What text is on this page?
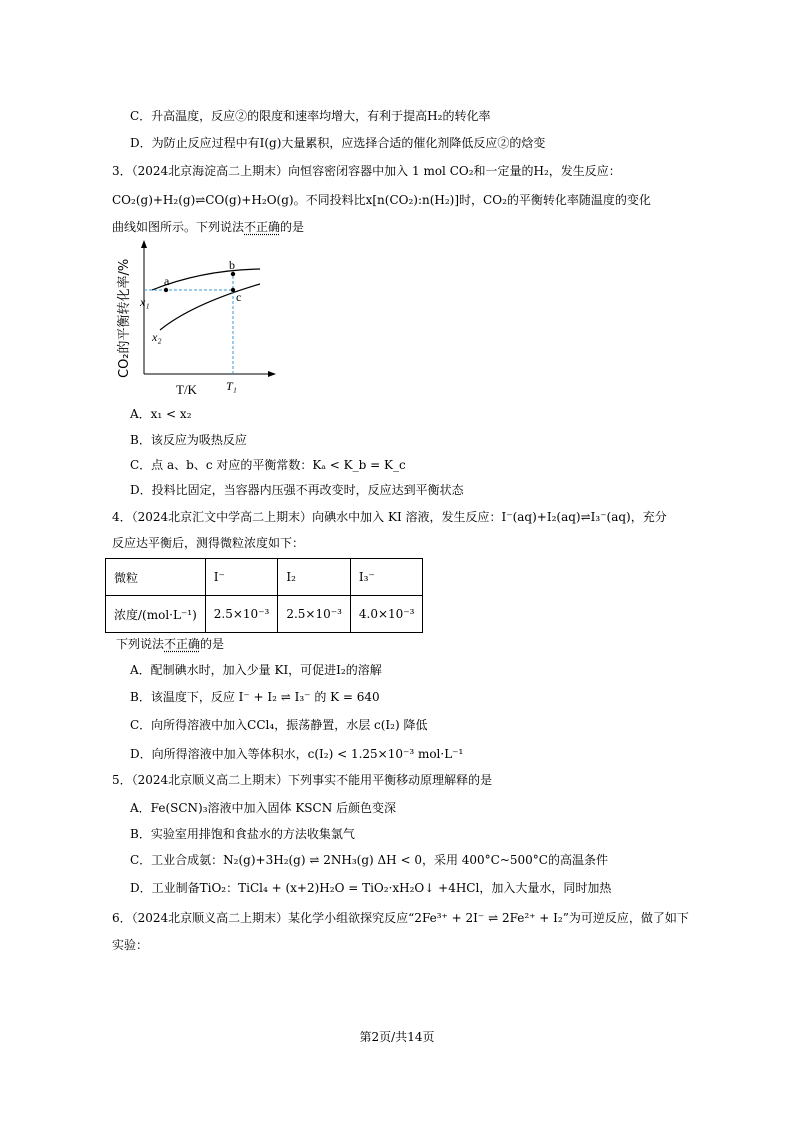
C．升高温度，反应②的限度和速率均增大，有利于提高H₂的转化率
D．为防止反应过程中有I(g)大量累积，应选择合适的催化剂降低反应②的焓变
3．（2024北京海淀高二上期末）向恒容密闭容器中加入 1 mol CO₂和一定量的H₂，发生反应：
CO₂(g)+H₂(g)⇌CO(g)+H₂O(g)。不同投料比x[n(CO₂):n(H₂)]时，CO₂的平衡转化率随温度的变化
曲线如图所示。下列说法不正确的是
a
b
c
x₁
x₂
T/K T₁
CO₂的平衡转化率/%
A．x₁ < x₂
B．该反应为吸热反应
C．点 a、b、c 对应的平衡常数：Kₐ < K_b = K_c
D．投料比固定，当容器内压强不再改变时，反应达到平衡状态
4．（2024北京汇文中学高二上期末）向碘水中加入 KI 溶液，发生反应：I⁻(aq)+I₂(aq)⇌I₃⁻(aq)，充分
反应达平衡后，测得微粒浓度如下：
微粒	I⁻	I₂	I₃⁻
浓度/(mol·L⁻¹)	2.5×10⁻³	2.5×10⁻³	4.0×10⁻³
下列说法不正确的是
A．配制碘水时，加入少量 KI，可促进I₂的溶解
B．该温度下，反应 I⁻ + I₂ ⇌ I₃⁻ 的 K = 640
C．向所得溶液中加入CCl₄，振荡静置，水层 c(I₂) 降低
D．向所得溶液中加入等体积水，c(I₂) < 1.25×10⁻³ mol·L⁻¹
5．（2024北京顺义高二上期末）下列事实不能用平衡移动原理解释的是
A．Fe(SCN)₃溶液中加入固体 KSCN 后颜色变深
B．实验室用排饱和食盐水的方法收集氯气
C．工业合成氨：N₂(g)+3H₂(g) ⇌ 2NH₃(g) ΔH < 0，采用 400°C~500°C的高温条件
D．工业制备TiO₂：TiCl₄ + (x+2)H₂O = TiO₂·xH₂O↓ +4HCl，加入大量水，同时加热
6．（2024北京顺义高二上期末）某化学小组欲探究反应“2Fe³⁺ + 2I⁻ ⇌ 2Fe²⁺ + I₂”为可逆反应，做了如下
实验：
第2页/共14页
